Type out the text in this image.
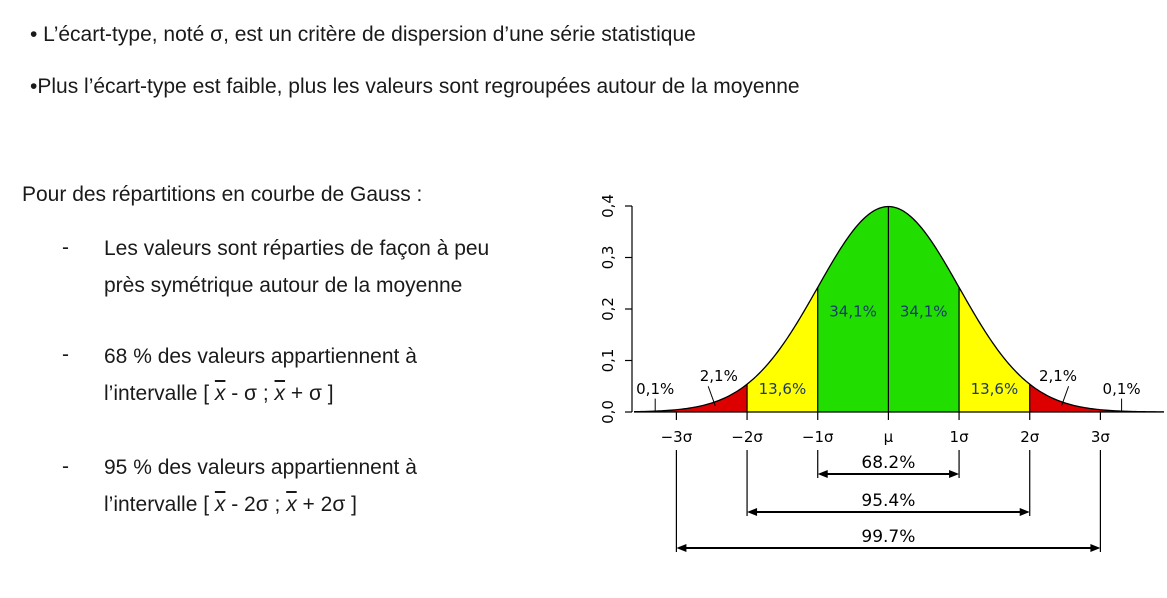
• L’écart-type, noté σ, est un critère de dispersion d’une série statistique
•Plus l’écart-type est faible, plus les valeurs sont regroupées autour de la moyenne
Pour des répartitions en courbe de Gauss :
- Les valeurs sont réparties de façon à peu
près symétrique autour de la moyenne
- 68 % des valeurs appartiennent à
l’intervalle [ $\overline{x}$ - σ ; $\overline{x} + \sigma$ ]
- 95 % des valeurs appartiennent à
l’intervalle [ $\overline{x} - 2\sigma$ ; $\overline{x} + 2\sigma$ ]
0,0
0,1
0,2
0,3
0,4
−3σ	−2σ	−1σ	μ	1σ	2σ	3σ
34,1% 34,1%
13,6%	13,6%
2,1%	2,1%
0,1%	0,1%
68.2%
95.4%
99.7%
